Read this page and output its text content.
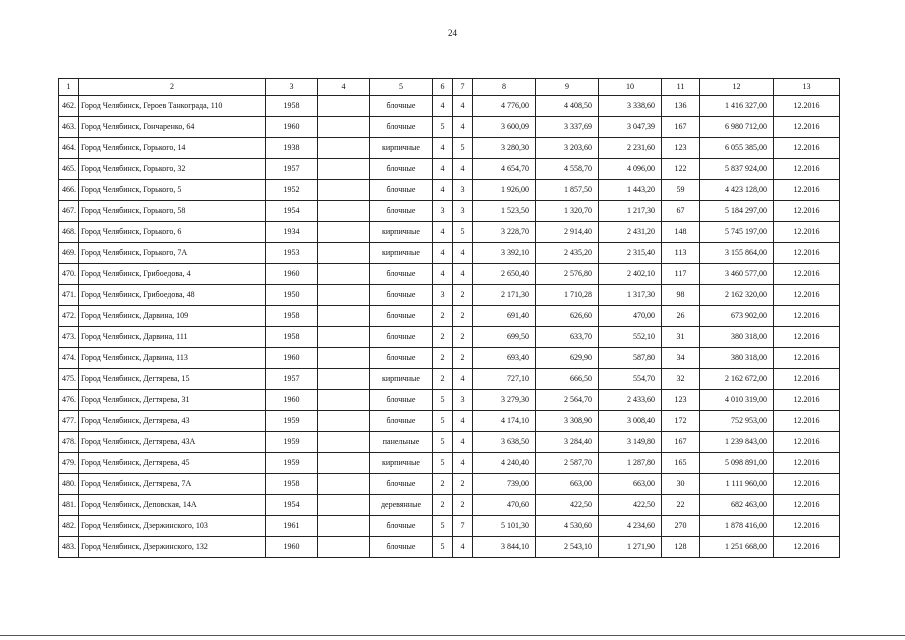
24
1	2	3	4	5	6	7	8	9	10	11	12	13
462.	Город Челябинск, Героев Танкограда, 110	1958		блочные	4	4	4 776,00	4 408,50	3 338,60	136	1 416 327,00	12.2016
463.	Город Челябинск, Гончаренко, 64	1960		блочные	5	4	3 600,09	3 337,69	3 047,39	167	6 980 712,00	12.2016
464.	Город Челябинск, Горького, 14	1938		кирпичные	4	5	3 280,30	3 203,60	2 231,60	123	6 055 385,00	12.2016
465.	Город Челябинск, Горького, 32	1957		блочные	4	4	4 654,70	4 558,70	4 096,00	122	5 837 924,00	12.2016
466.	Город Челябинск, Горького, 5	1952		блочные	4	3	1 926,00	1 857,50	1 443,20	59	4 423 128,00	12.2016
467.	Город Челябинск, Горького, 58	1954		блочные	3	3	1 523,50	1 320,70	1 217,30	67	5 184 297,00	12.2016
468.	Город Челябинск, Горького, 6	1934		кирпичные	4	5	3 228,70	2 914,40	2 431,20	148	5 745 197,00	12.2016
469.	Город Челябинск, Горького, 7А	1953		кирпичные	4	4	3 392,10	2 435,20	2 315,40	113	3 155 864,00	12.2016
470.	Город Челябинск, Грибоедова, 4	1960		блочные	4	4	2 650,40	2 576,80	2 402,10	117	3 460 577,00	12.2016
471.	Город Челябинск, Грибоедова, 48	1950		блочные	3	2	2 171,30	1 710,28	1 317,30	98	2 162 320,00	12.2016
472.	Город Челябинск, Дарвина, 109	1958		блочные	2	2	691,40	626,60	470,00	26	673 902,00	12.2016
473.	Город Челябинск, Дарвина, 111	1958		блочные	2	2	699,50	633,70	552,10	31	380 318,00	12.2016
474.	Город Челябинск, Дарвина, 113	1960		блочные	2	2	693,40	629,90	587,80	34	380 318,00	12.2016
475.	Город Челябинск, Дегтярева, 15	1957		кирпичные	2	4	727,10	666,50	554,70	32	2 162 672,00	12.2016
476.	Город Челябинск, Дегтярева, 31	1960		блочные	5	3	3 279,30	2 564,70	2 433,60	123	4 010 319,00	12.2016
477.	Город Челябинск, Дегтярева, 43	1959		блочные	5	4	4 174,10	3 308,90	3 008,40	172	752 953,00	12.2016
478.	Город Челябинск, Дегтярева, 43А	1959		панельные	5	4	3 638,50	3 284,40	3 149,80	167	1 239 843,00	12.2016
479.	Город Челябинск, Дегтярева, 45	1959		кирпичные	5	4	4 240,40	2 587,70	1 287,80	165	5 098 891,00	12.2016
480.	Город Челябинск, Дегтярева, 7А	1958		блочные	2	2	739,00	663,00	663,00	30	1 111 960,00	12.2016
481.	Город Челябинск, Деповская, 14А	1954		деревянные	2	2	470,60	422,50	422,50	22	682 463,00	12.2016
482.	Город Челябинск, Дзержинского, 103	1961		блочные	5	7	5 101,30	4 530,60	4 234,60	270	1 878 416,00	12.2016
483.	Город Челябинск, Дзержинского, 132	1960		блочные	5	4	3 844,10	2 543,10	1 271,90	128	1 251 668,00	12.2016
